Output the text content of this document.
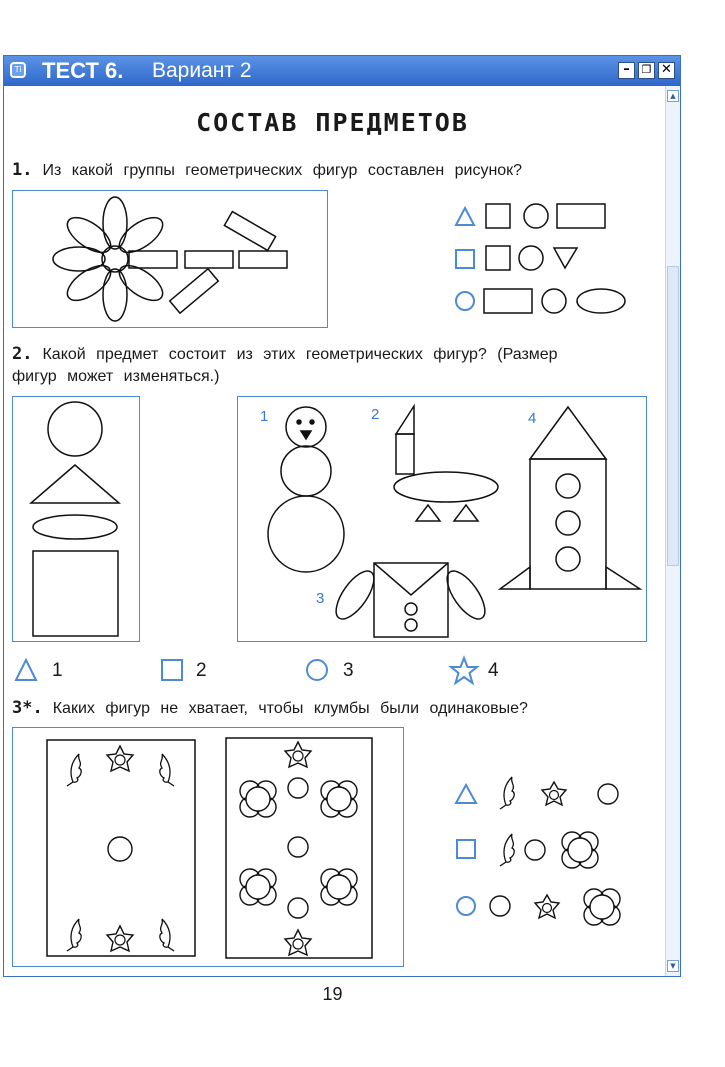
Ti ТЕСТ 6. Вариант 2	–	❐ ✕
▲
▼
СОСТАВ ПРЕДМЕТОВ
1. Из какой группы геометрических фигур составлен рисунок?
2. Какой предмет состоит из этих геометрических фигур? (Размер
фигур может изменяться.)
1	2
3
4
1	2	3	4
3*. Каких фигур не хватает, чтобы клумбы были одинаковые?
19
